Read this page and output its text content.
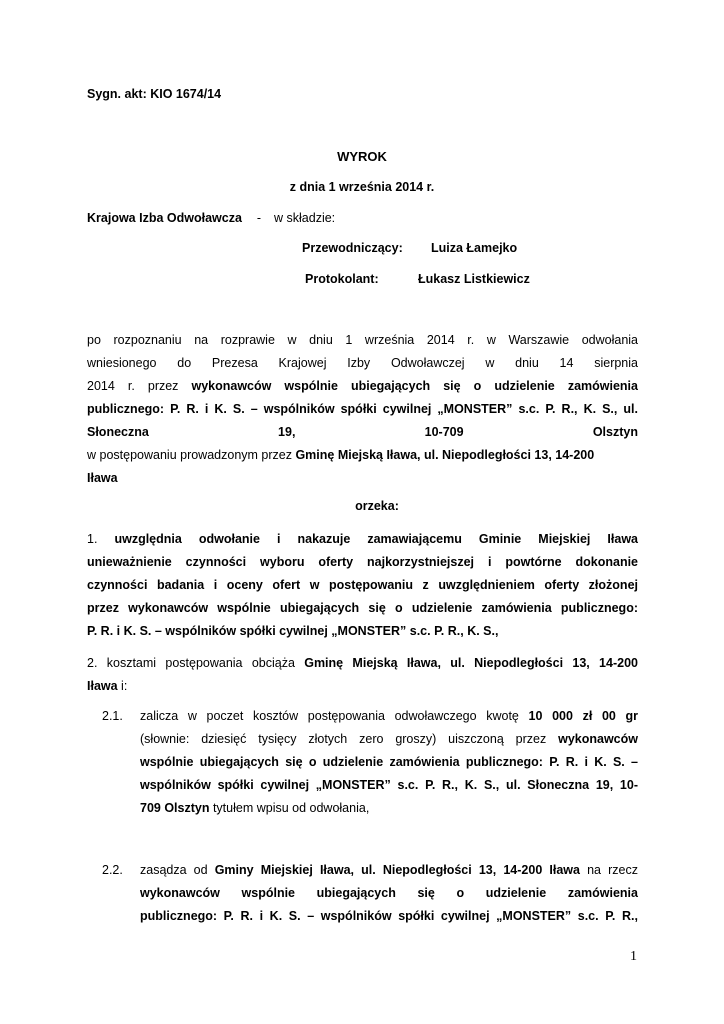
Sygn. akt: KIO 1674/14
WYROK
z dnia 1 września 2014 r.
Krajowa Izba Odwoławcza - w składzie:
Przewodniczący: Luiza Łamejko
Protokolant:	Łukasz Listkiewicz
po rozpoznaniu na rozprawie w dniu 1 września 2014 r. w Warszawie odwołania
wniesionego do Prezesa Krajowej Izby Odwoławczej w dniu 14 sierpnia
2014 r. przez wykonawców wspólnie ubiegających się o udzielenie zamówienia
publicznego: P. R. i K. S. – wspólników spółki cywilnej „MONSTER” s.c. P. R., K. S., ul.
Słoneczna	19,	10-709	Olsztyn
w postępowaniu prowadzonym przez Gminę Miejską Iława, ul. Niepodległości 13, 14-200
Iława
orzeka:
1. uwzględnia odwołanie i nakazuje zamawiającemu Gminie Miejskiej Iława
unieważnienie czynności wyboru oferty najkorzystniejszej i powtórne dokonanie
czynności badania i oceny ofert w postępowaniu z uwzględnieniem oferty złożonej
przez wykonawców wspólnie ubiegających się o udzielenie zamówienia publicznego:
P. R. i K. S. – wspólników spółki cywilnej „MONSTER” s.c. P. R., K. S.,
2. kosztami postępowania obciąża Gminę Miejską Iława, ul. Niepodległości 13, 14-200
Iława i:
2.1. zalicza w poczet kosztów postępowania odwoławczego kwotę 10 000 zł 00 gr
(słownie: dziesięć tysięcy złotych zero groszy) uiszczoną przez wykonawców
wspólnie ubiegających się o udzielenie zamówienia publicznego: P. R. i K. S. –
wspólników spółki cywilnej „MONSTER” s.c. P. R., K. S., ul. Słoneczna 19, 10-
709 Olsztyn tytułem wpisu od odwołania,
2.2. zasądza od Gminy Miejskiej Iława, ul. Niepodległości 13, 14-200 Iława na rzecz
wykonawców wspólnie ubiegających się o udzielenie zamówienia
publicznego: P. R. i K. S. – wspólników spółki cywilnej „MONSTER” s.c. P. R.,
1
